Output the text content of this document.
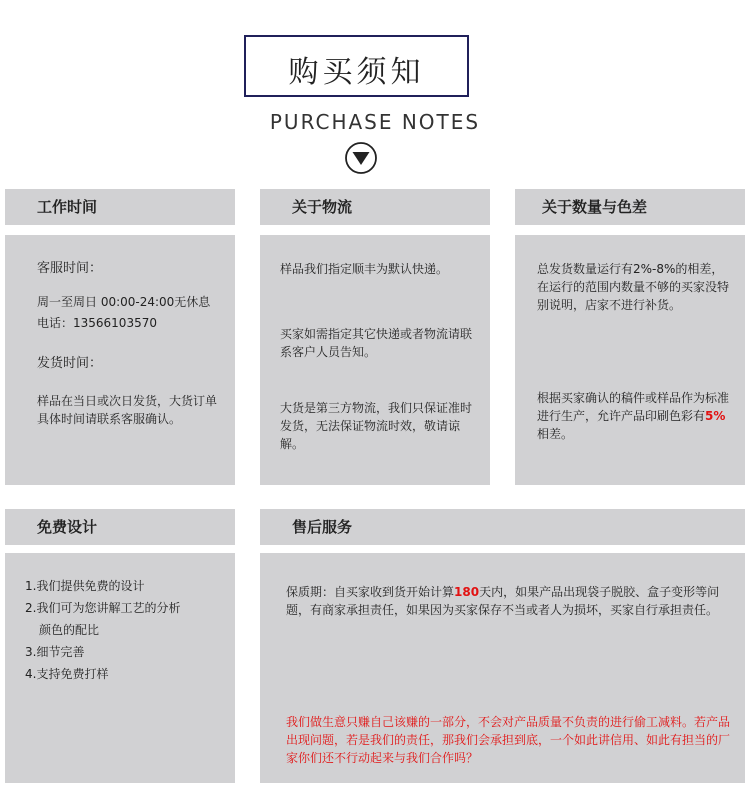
购买须知
PURCHASE NOTES
工作时间	关于物流	关于数量与色差

客服时间：

周一至周日 00:00-24:00无休息

电话：13566103570

发货时间：

样品在当日或次日发货，大货订单具体时间请联系客服确认。

样品我们指定顺丰为默认快递。

买家如需指定其它快递或者物流请联系客户人员告知。

大货是第三方物流，我们只保证准时发货，无法保证物流时效，敬请谅解。

总发货数量运行有2%-8%的相差，在运行的范围内数量不够的买家没特别说明，店家不进行补货。

根据买家确认的稿件或样品作为标准进行生产，允许产品印刷色彩有5%相差。

免费设计	售后服务

1.我们提供免费的设计

2.我们可为您讲解工艺的分析

颜色的配比

3.细节完善

4.支持免费打样

保质期：自买家收到货开始计算180天内，如果产品出现袋子脱胶、盒子变形等问题，有商家承担责任，如果因为买家保存不当或者人为损坏，买家自行承担责任。

我们做生意只赚自己该赚的一部分，不会对产品质量不负责的进行偷工减料。若产品出现问题，若是我们的责任，那我们会承担到底，一个如此讲信用、如此有担当的厂家你们还不行动起来与我们合作吗？
